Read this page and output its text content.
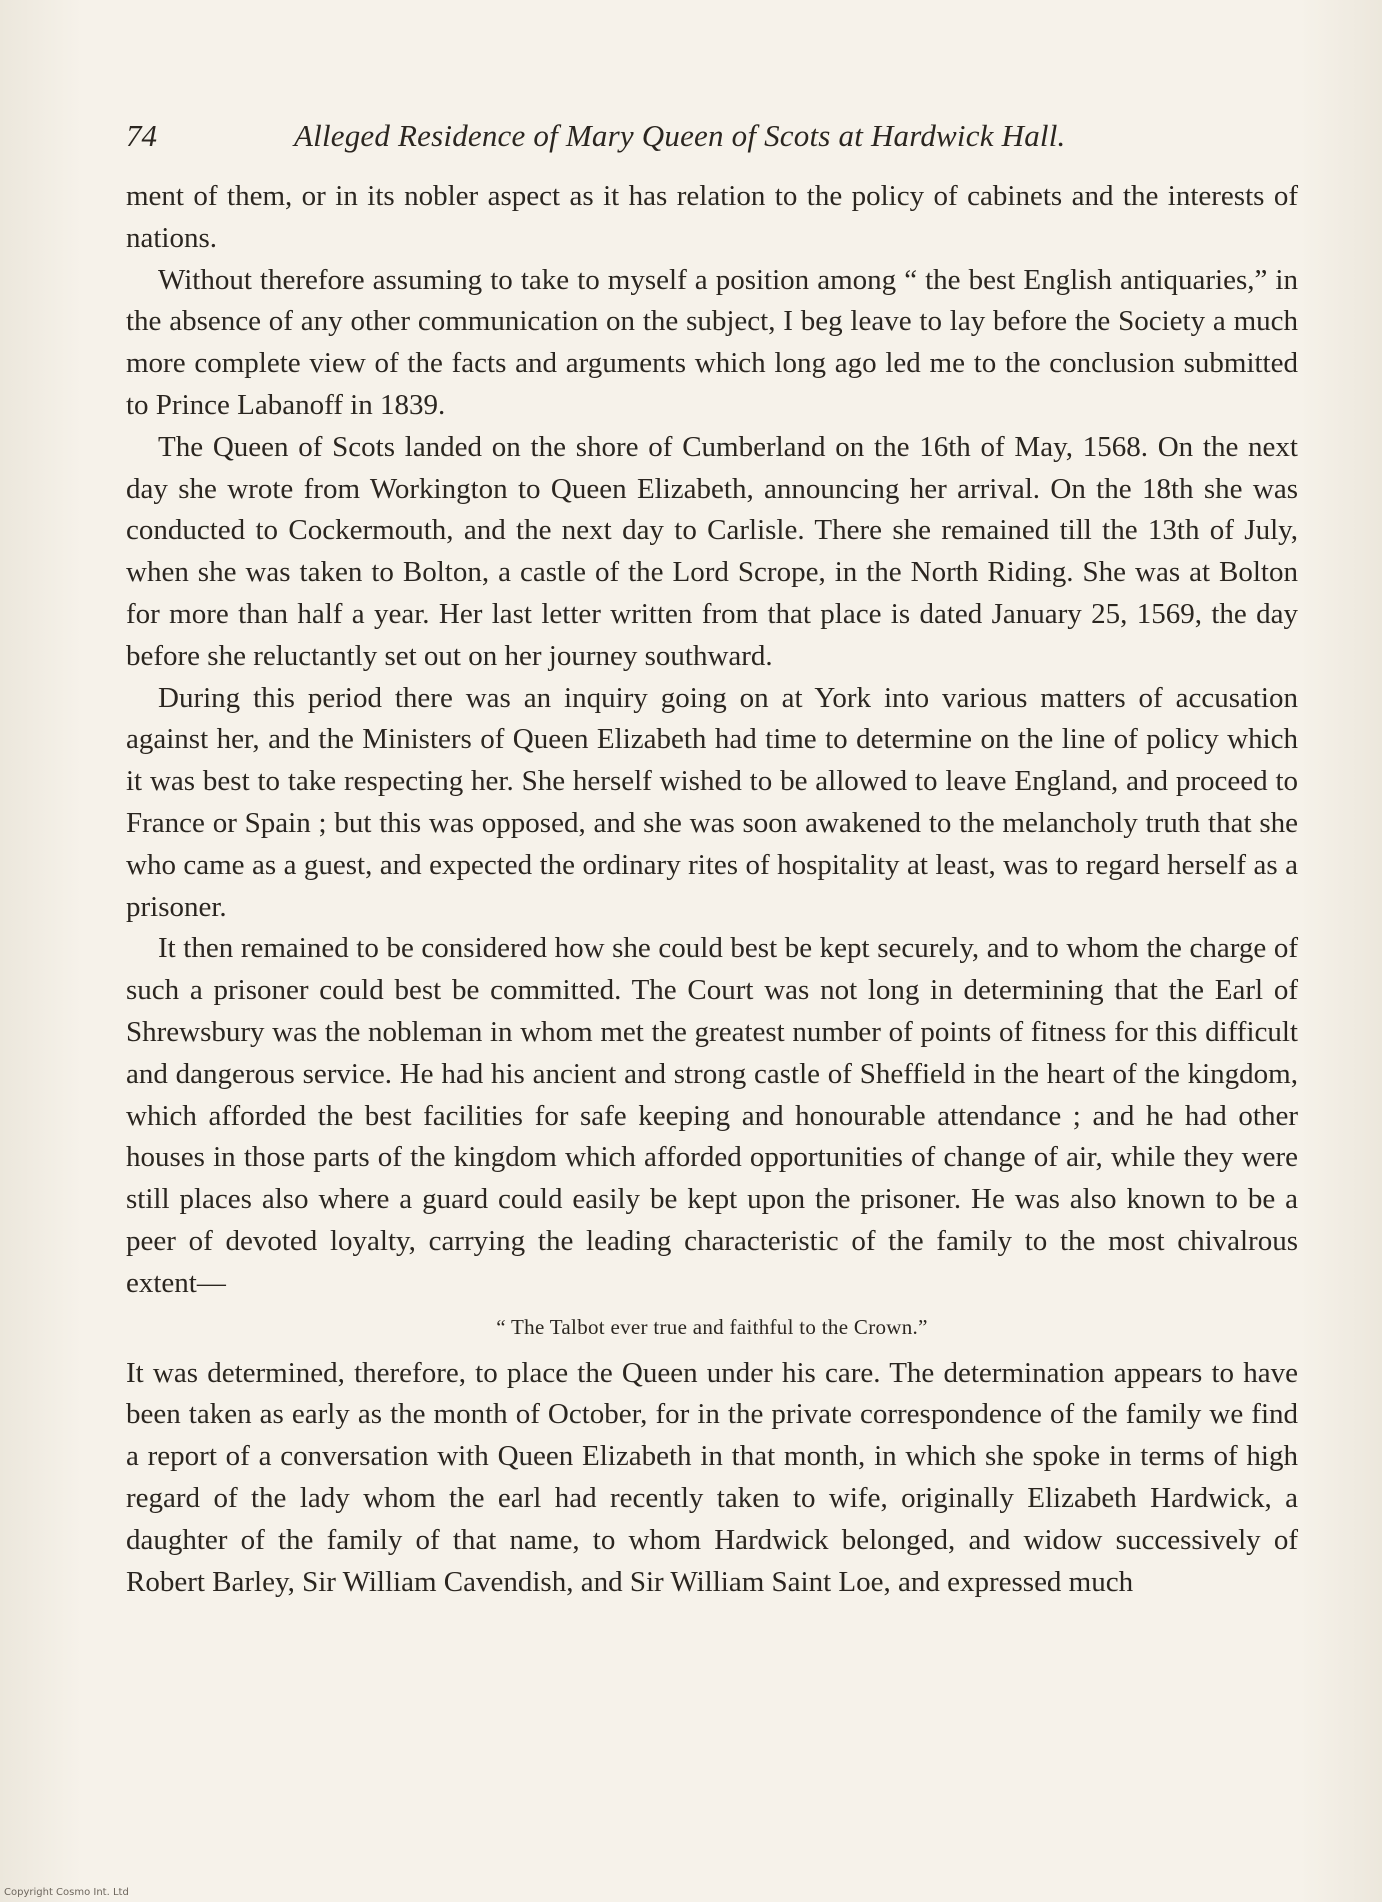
74	Alleged Residence of Mary Queen of Scots at Hardwick Hall.

ment of them, or in its nobler aspect as it has relation to the policy of cabinets and the interests of nations.

Without therefore assuming to take to myself a position among “ the best English antiquaries,” in the absence of any other communication on the subject, I beg leave to lay before the Society a much more complete view of the facts and arguments which long ago led me to the conclusion submitted to Prince Labanoff in 1839.

The Queen of Scots landed on the shore of Cumberland on the 16th of May, 1568. On the next day she wrote from Workington to Queen Elizabeth, announcing her arrival. On the 18th she was conducted to Cockermouth, and the next day to Carlisle. There she remained till the 13th of July, when she was taken to Bolton, a castle of the Lord Scrope, in the North Riding. She was at Bolton for more than half a year. Her last letter written from that place is dated January 25, 1569, the day before she reluctantly set out on her journey southward.

During this period there was an inquiry going on at York into various matters of accusation against her, and the Ministers of Queen Elizabeth had time to determine on the line of policy which it was best to take respecting her. She herself wished to be allowed to leave England, and proceed to France or Spain ; but this was opposed, and she was soon awakened to the melancholy truth that she who came as a guest, and expected the ordinary rites of hospitality at least, was to regard herself as a prisoner.

It then remained to be considered how she could best be kept securely, and to whom the charge of such a prisoner could best be committed. The Court was not long in determining that the Earl of Shrewsbury was the nobleman in whom met the greatest number of points of fitness for this difficult and dangerous service. He had his ancient and strong castle of Sheffield in the heart of the kingdom, which afforded the best facilities for safe keeping and honourable attendance ; and he had other houses in those parts of the kingdom which afforded opportunities of change of air, while they were still places also where a guard could easily be kept upon the prisoner. He was also known to be a peer of devoted loyalty, carrying the leading characteristic of the family to the most chivalrous extent—

“ The Talbot ever true and faithful to the Crown.”

It was determined, therefore, to place the Queen under his care. The determination appears to have been taken as early as the month of October, for in the private correspondence of the family we find a report of a conversation with Queen Elizabeth in that month, in which she spoke in terms of high regard of the lady whom the earl had recently taken to wife, originally Elizabeth Hardwick, a daughter of the family of that name, to whom Hardwick belonged, and widow successively of Robert Barley, Sir William Cavendish, and Sir William Saint Loe, and expressed much

Copyright Cosmo Int. Ltd
